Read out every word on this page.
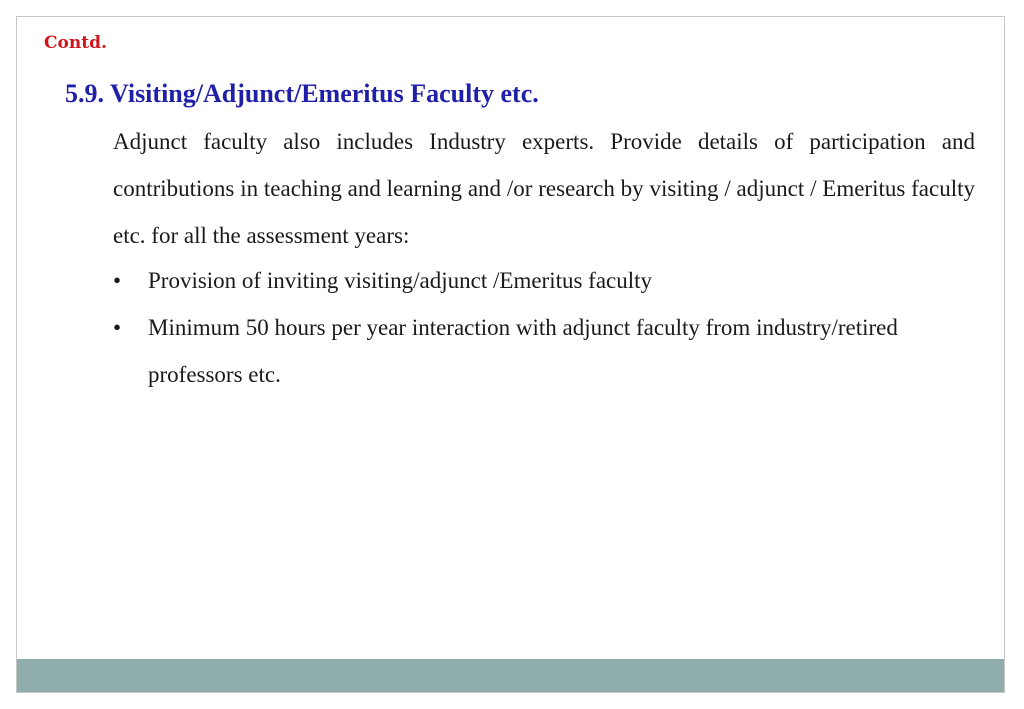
Contd.

5.9. Visiting/Adjunct/Emeritus Faculty etc.

Adjunct faculty also includes Industry experts. Provide details of participation and contributions in teaching and learning and /or research by visiting / adjunct / Emeritus faculty etc. for all the assessment years:

• Provision of inviting visiting/adjunct /Emeritus faculty
• Minimum 50 hours per year interaction with adjunct faculty from industry/retired professors etc.
